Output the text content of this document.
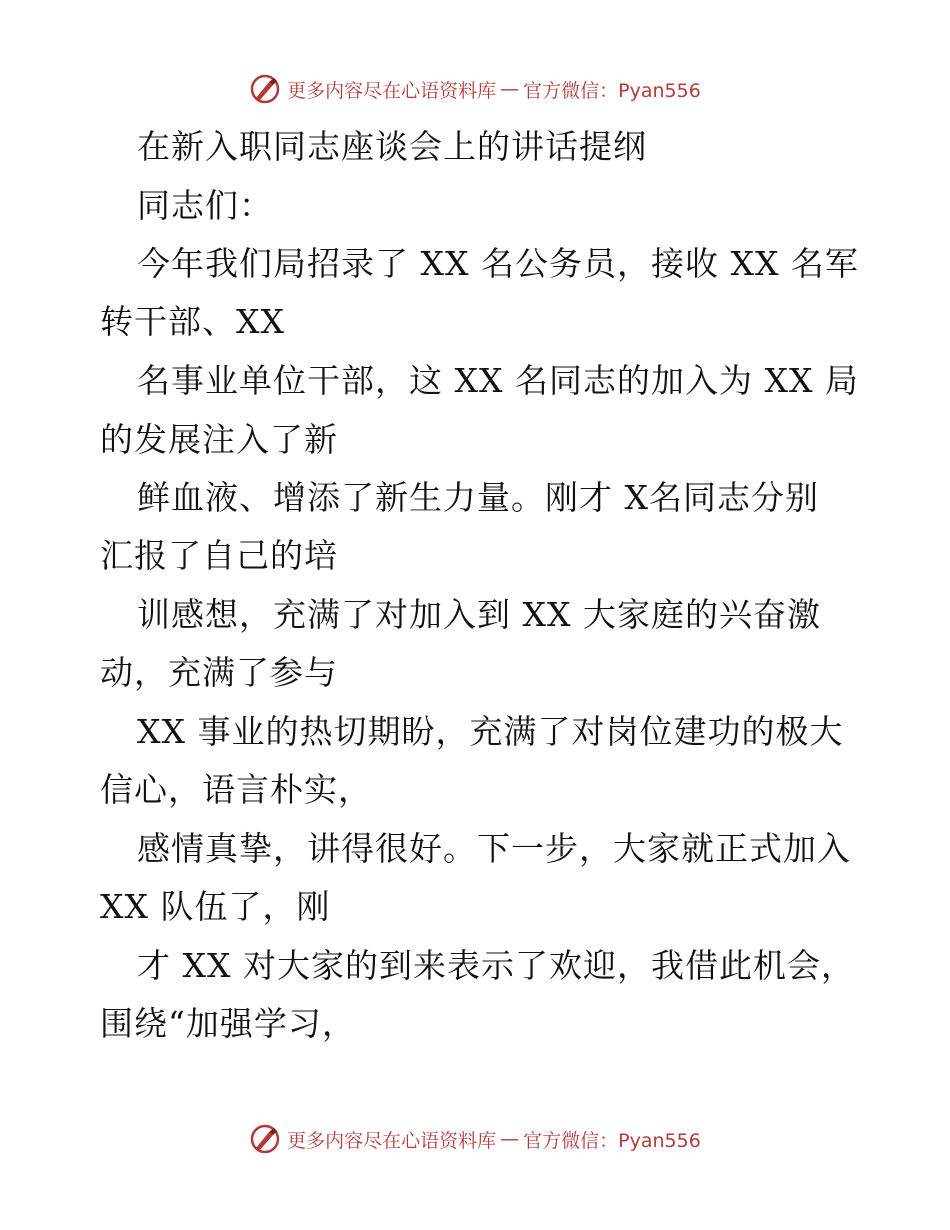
更多内容尽在心语资料库 — 官方微信：Pyan556
在新入职同志座谈会上的讲话提纲
同志们：
今年我们局招录了 XX 名公务员，接收 XX 名军
转干部、XX
名事业单位干部，这 XX 名同志的加入为 XX 局
的发展注入了新
鲜血液、增添了新生力量。刚才 X名同志分别
汇报了自己的培
训感想，充满了对加入到 XX 大家庭的兴奋激
动，充满了参与
XX 事业的热切期盼，充满了对岗位建功的极大
信心，语言朴实，
感情真挚，讲得很好。下一步，大家就正式加入
XX 队伍了，刚
才 XX 对大家的到来表示了欢迎，我借此机会，
围绕“加强学习，
更多内容尽在心语资料库 — 官方微信：Pyan556
